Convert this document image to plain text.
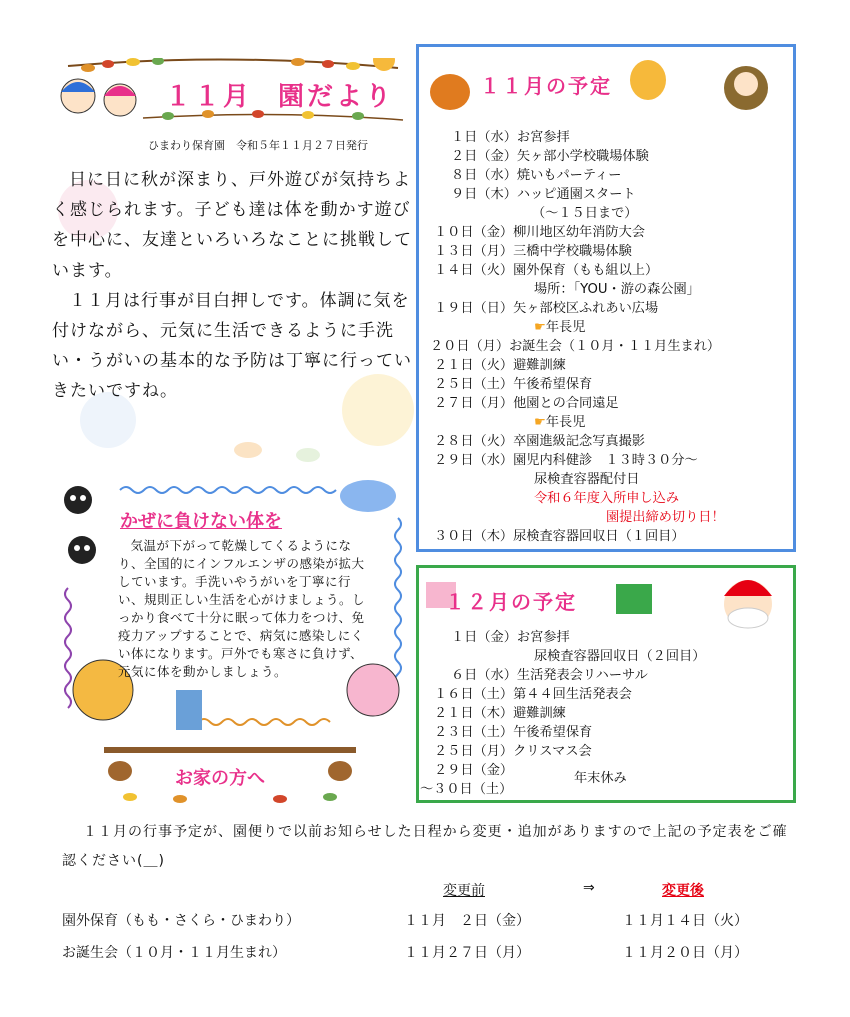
１１月 園だより
ひまわり保育園　令和５年１１月２７日発行

日に日に秋が深まり、戸外遊びが気持ちよく感じられます。子ども達は体を動かす遊びを中心に、友達といろいろなことに挑戦しています。

１１月は行事が目白押しです。体調に気を付けながら、元気に生活できるように手洗い・うがいの基本的な予防は丁寧に行っていきたいですね。

かぜに負けない体を

気温が下がって乾燥してくるようになり、全国的にインフルエンザの感染が拡大しています。手洗いやうがいを丁寧に行い、規則正しい生活を心がけましょう。しっかり食べて十分に眠って体力をつけ、免疫力アップすることで、病気に感染しにくい体になります。戸外でも寒さに負けず、元気に体を動かしましょう。

お家の方へ
１１月の予定
１日（水）お宮参拝
２日（金）矢ヶ部小学校職場体験
８日（水）焼いもパーティー
９日（木）ハッピ通園スタート
（～１５日まで）
１０日（金）柳川地区幼年消防大会
１３日（月）三橋中学校職場体験
１４日（火）園外保育（もも組以上）
場所：「YOU・游の森公園」
１９日（日）矢ヶ部校区ふれあい広場
☛年長児
２０日（月）お誕生会（１０月・１１月生まれ）
２１日（火）避難訓練
２５日（土）午後希望保育
２７日（月）他園との合同遠足
☛年長児
２８日（火）卒園進級記念写真撮影
２９日（水）園児内科健診　１３時３０分～
尿検査容器配付日
令和６年度入所申し込み
園提出締め切り日！
３０日（木）尿検査容器回収日（１回目）
１２月の予定
１日（金）お宮参拝
尿検査容器回収日（２回目）
６日（水）生活発表会リハーサル
１６日（土）第４４回生活発表会
２１日（木）避難訓練
２３日（土）午後希望保育
２５日（月）クリスマス会
２９日（金）
～３０日（土）
年末休み

１１月の行事予定が、園便りで以前お知らせした日程から変更・追加がありますので上記の予定表をご確認ください(＿)

変更前	⇒	変更後
園外保育（もも・さくら・ひまわり）	１１月　２日（金）	１１月１４日（火）
お誕生会（１０月・１１月生まれ）	１１月２７日（月）	１１月２０日（月）
